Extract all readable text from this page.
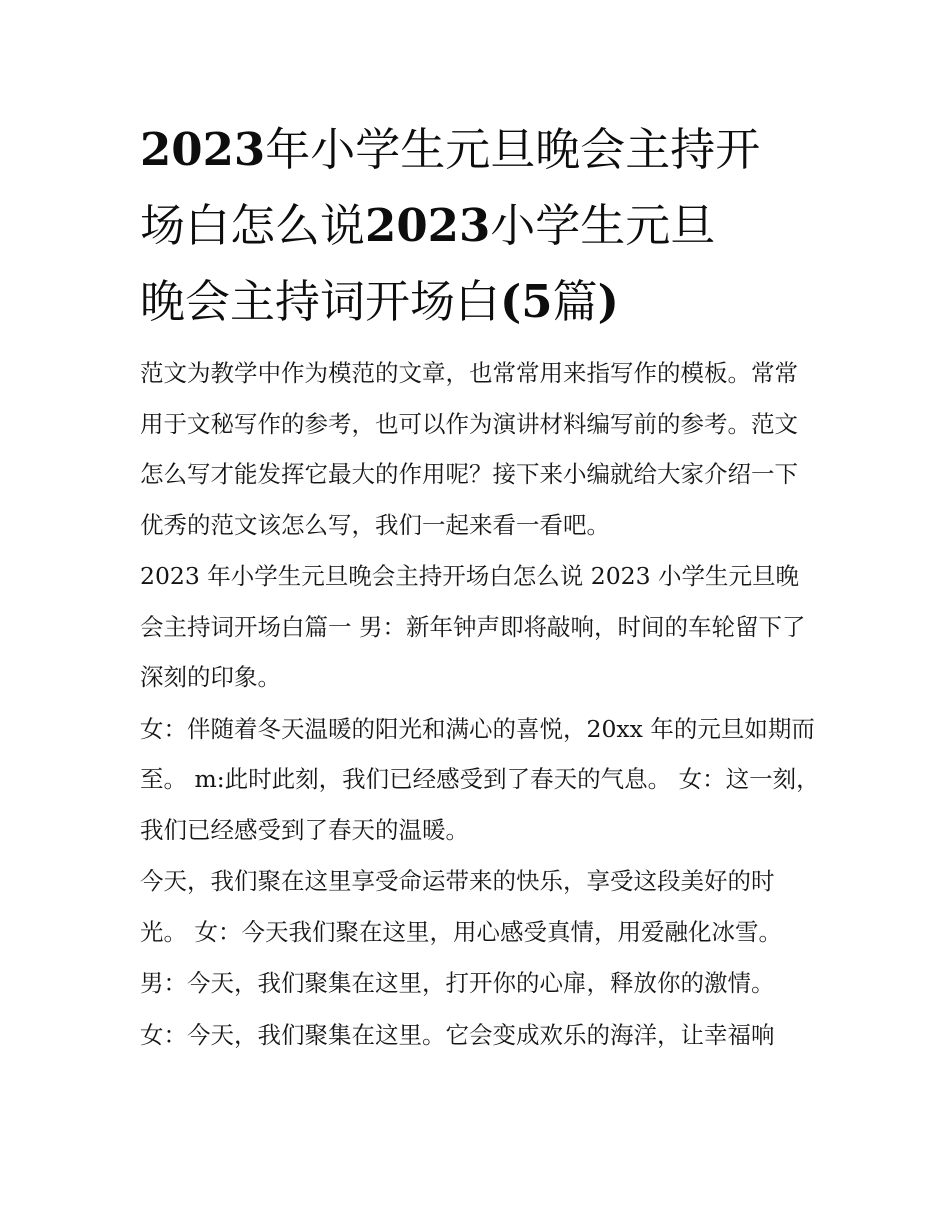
2023年小学生元旦晚会主持开
场白怎么说2023小学生元旦
晚会主持词开场白(5篇)

范文为教学中作为模范的文章，也常常用来指写作的模板。常常用于文秘写作的参考，也可以作为演讲材料编写前的参考。范文怎么写才能发挥它最大的作用呢？接下来小编就给大家介绍一下优秀的范文该怎么写，我们一起来看一看吧。

2023 年小学生元旦晚会主持开场白怎么说 2023 小学生元旦晚会主持词开场白篇一 男：新年钟声即将敲响，时间的车轮留下了深刻的印象。

女：伴随着冬天温暖的阳光和满心的喜悦，20xx 年的元旦如期而至。 m:此时此刻，我们已经感受到了春天的气息。 女：这一刻，我们已经感受到了春天的温暖。

今天，我们聚在这里享受命运带来的快乐，享受这段美好的时光。 女：今天我们聚在这里，用心感受真情，用爱融化冰雪。

男：今天，我们聚集在这里，打开你的心扉，释放你的激情。

女：今天，我们聚集在这里。它会变成欢乐的海洋，让幸福响
